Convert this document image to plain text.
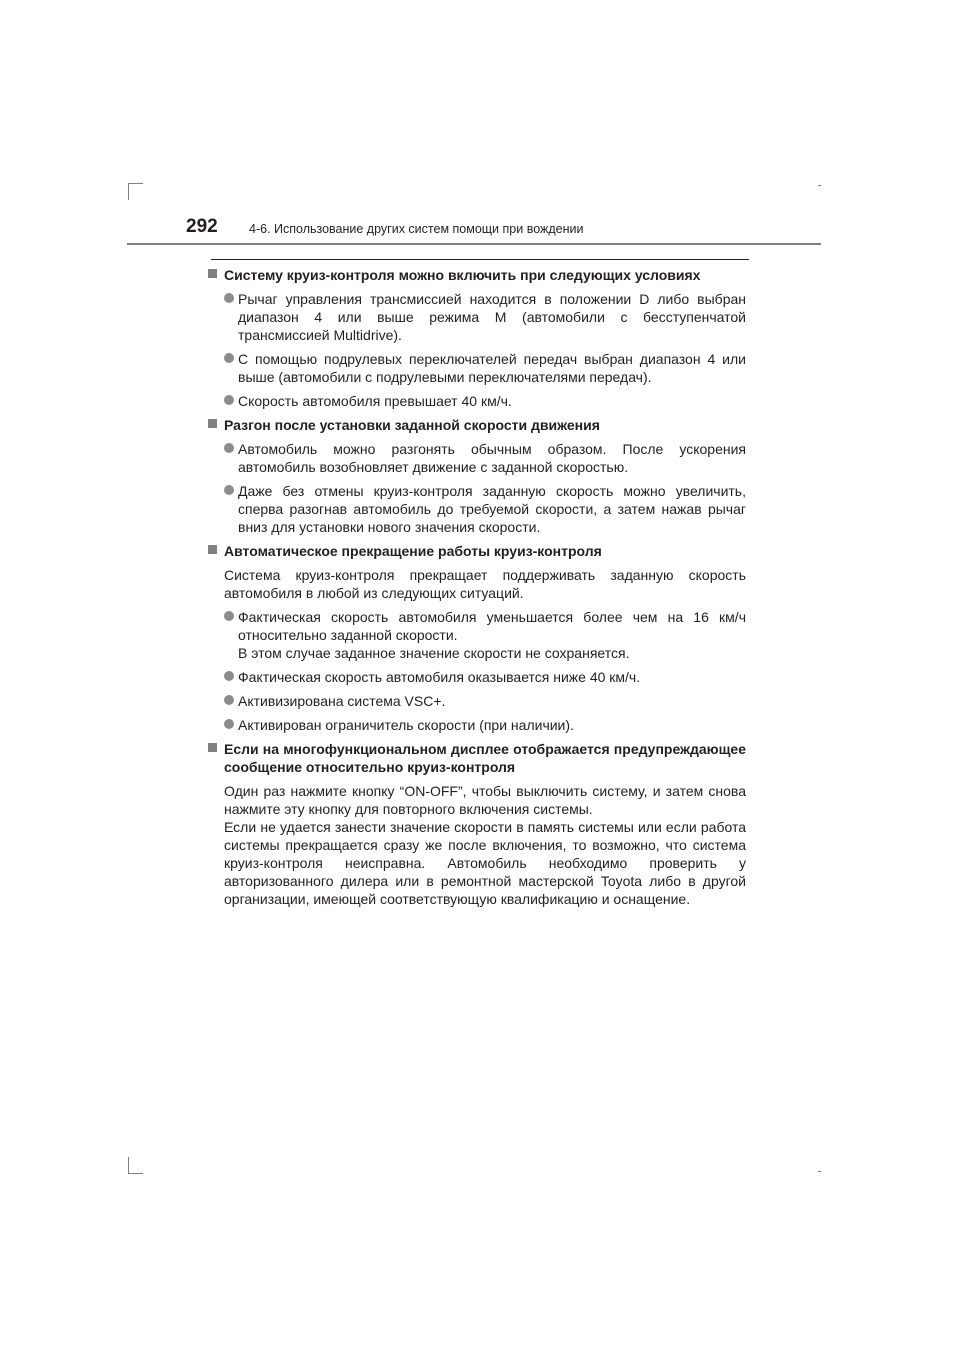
292	4-6. Использование других систем помощи при вождении
Систему круиз-контроля можно включить при следующих условиях
Рычаг управления трансмиссией находится в положении D либо выбран диапазон 4 или выше режима M (автомобили с бесступенчатой трансмиссией Multidrive).
С помощью подрулевых переключателей передач выбран диапазон 4 или выше (автомобили с подрулевыми переключателями передач).
Скорость автомобиля превышает 40 км/ч.
Разгон после установки заданной скорости движения
Автомобиль можно разгонять обычным образом. После ускорения автомобиль возобновляет движение с заданной скоростью.
Даже без отмены круиз-контроля заданную скорость можно увеличить, сперва разогнав автомобиль до требуемой скорости, а затем нажав рычаг вниз для установки нового значения скорости.
Автоматическое прекращение работы круиз-контроля
Система круиз-контроля прекращает поддерживать заданную скорость автомобиля в любой из следующих ситуаций.
Фактическая скорость автомобиля уменьшается более чем на 16 км/ч относительно заданной скорости.
В этом случае заданное значение скорости не сохраняется.
Фактическая скорость автомобиля оказывается ниже 40 км/ч.
Активизирована система VSC+.
Активирован ограничитель скорости (при наличии).
Если на многофункциональном дисплее отображается предупреждающее сообщение относительно круиз-контроля
Один раз нажмите кнопку “ON-OFF”, чтобы выключить систему, и затем снова нажмите эту кнопку для повторного включения системы.
Если не удается занести значение скорости в память системы или если работа системы прекращается сразу же после включения, то возможно, что система круиз-контроля неисправна. Автомобиль необходимо проверить у авторизованного дилера или в ремонтной мастерской Toyota либо в другой организации, имеющей соответствующую квалификацию и оснащение.
